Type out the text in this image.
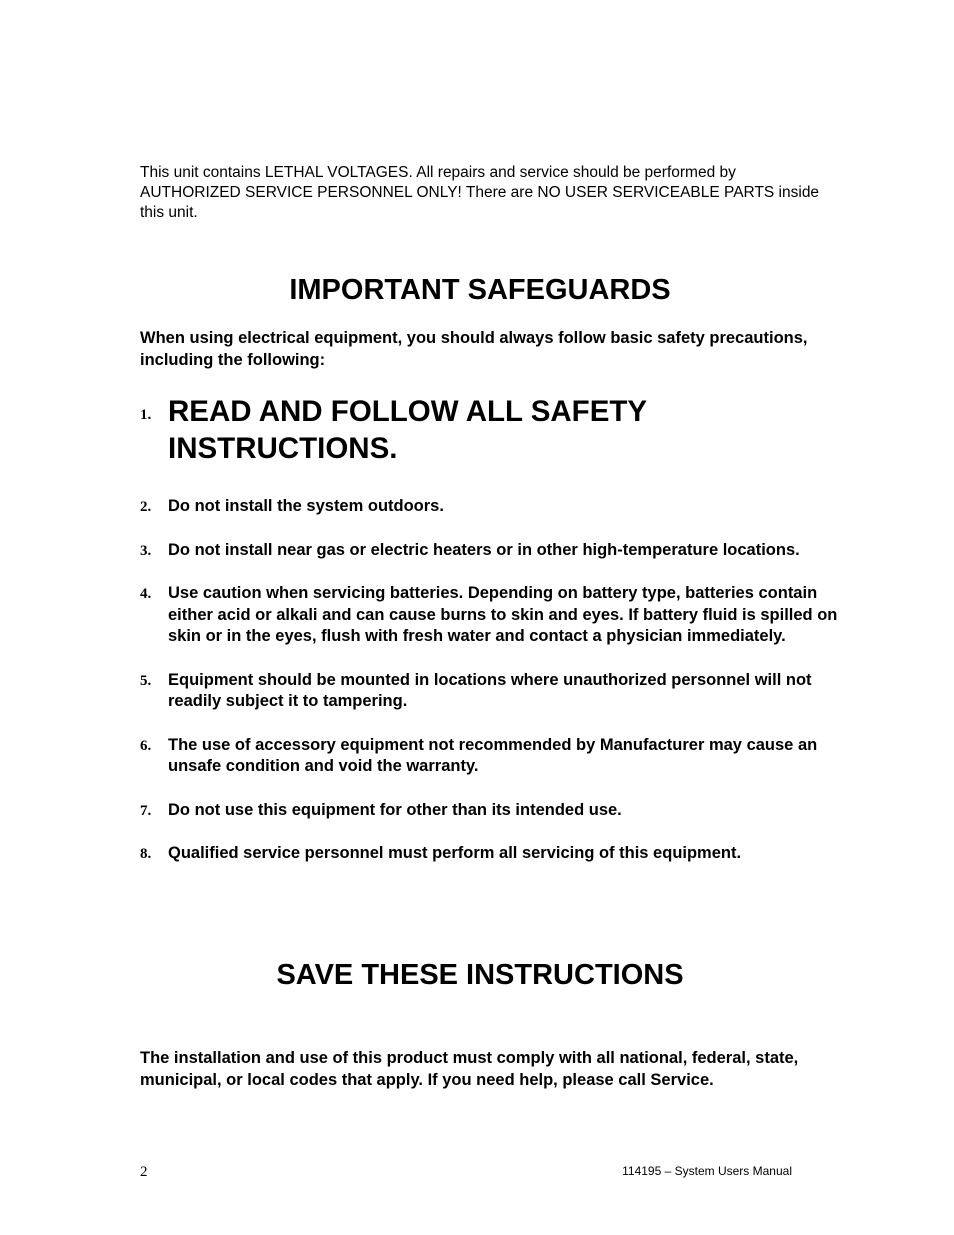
This unit contains LETHAL VOLTAGES. All repairs and service should be performed by AUTHORIZED SERVICE PERSONNEL ONLY! There are NO USER SERVICEABLE PARTS inside this unit.
IMPORTANT SAFEGUARDS
When using electrical equipment, you should always follow basic safety precautions, including the following:
1. READ AND FOLLOW ALL SAFETY INSTRUCTIONS.
2. Do not install the system outdoors.
3. Do not install near gas or electric heaters or in other high-temperature locations.
4. Use caution when servicing batteries. Depending on battery type, batteries contain either acid or alkali and can cause burns to skin and eyes. If battery fluid is spilled on skin or in the eyes, flush with fresh water and contact a physician immediately.
5. Equipment should be mounted in locations where unauthorized personnel will not readily subject it to tampering.
6. The use of accessory equipment not recommended by Manufacturer may cause an unsafe condition and void the warranty.
7. Do not use this equipment for other than its intended use.
8. Qualified service personnel must perform all servicing of this equipment.
SAVE THESE INSTRUCTIONS
The installation and use of this product must comply with all national, federal, state, municipal, or local codes that apply. If you need help, please call Service.
2	114195 – System Users Manual
